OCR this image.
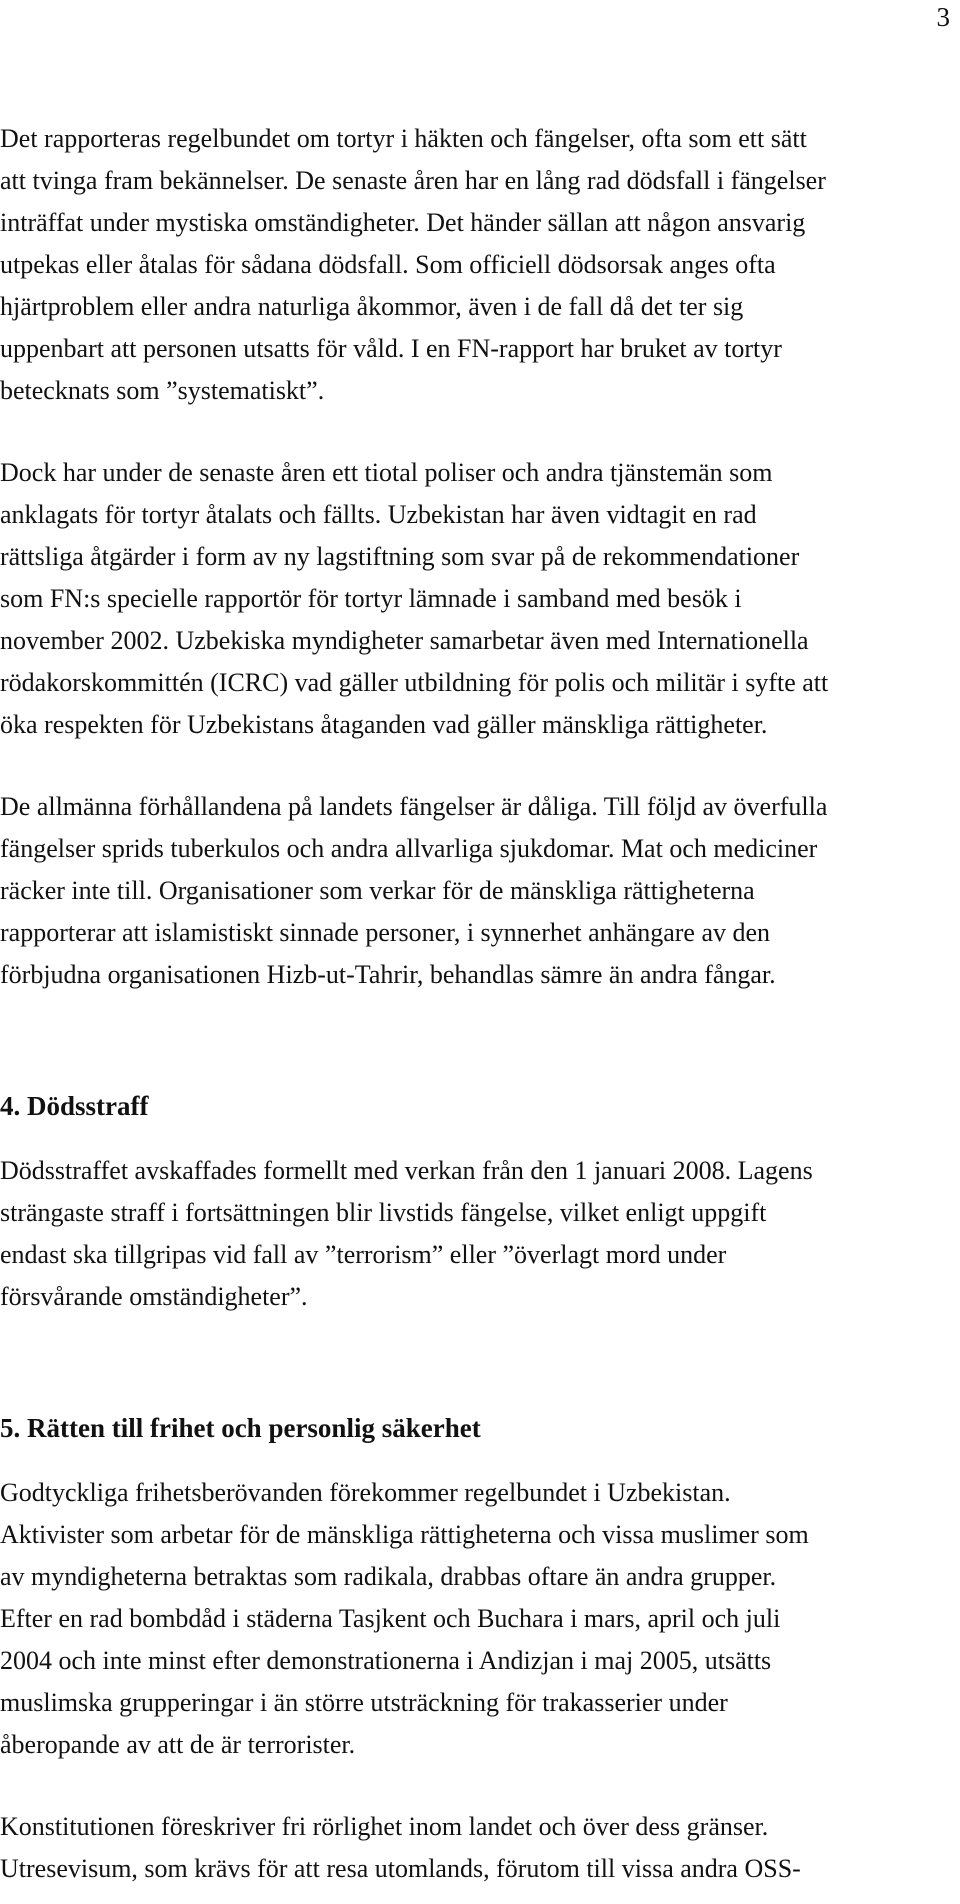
3

Det rapporteras regelbundet om tortyr i häkten och fängelser, ofta som ett sätt
att tvinga fram bekännelser. De senaste åren har en lång rad dödsfall i fängelser
inträffat under mystiska omständigheter. Det händer sällan att någon ansvarig
utpekas eller åtalas för sådana dödsfall. Som officiell dödsorsak anges ofta
hjärtproblem eller andra naturliga åkommor, även i de fall då det ter sig
uppenbart att personen utsatts för våld. I en FN-rapport har bruket av tortyr
betecknats som ”systematiskt”.

Dock har under de senaste åren ett tiotal poliser och andra tjänstemän som
anklagats för tortyr åtalats och fällts. Uzbekistan har även vidtagit en rad
rättsliga åtgärder i form av ny lagstiftning som svar på de rekommendationer
som FN:s specielle rapportör för tortyr lämnade i samband med besök i
november 2002. Uzbekiska myndigheter samarbetar även med Internationella
rödakorskommittén (ICRC) vad gäller utbildning för polis och militär i syfte att
öka respekten för Uzbekistans åtaganden vad gäller mänskliga rättigheter.

De allmänna förhållandena på landets fängelser är dåliga. Till följd av överfulla
fängelser sprids tuberkulos och andra allvarliga sjukdomar. Mat och mediciner
räcker inte till. Organisationer som verkar för de mänskliga rättigheterna
rapporterar att islamistiskt sinnade personer, i synnerhet anhängare av den
förbjudna organisationen Hizb-ut-Tahrir, behandlas sämre än andra fångar.

4. Dödsstraff

Dödsstraffet avskaffades formellt med verkan från den 1 januari 2008. Lagens
strängaste straff i fortsättningen blir livstids fängelse, vilket enligt uppgift
endast ska tillgripas vid fall av ”terrorism” eller ”överlagt mord under
försvårande omständigheter”.

5. Rätten till frihet och personlig säkerhet

Godtyckliga frihetsberövanden förekommer regelbundet i Uzbekistan.
Aktivister som arbetar för de mänskliga rättigheterna och vissa muslimer som
av myndigheterna betraktas som radikala, drabbas oftare än andra grupper.
Efter en rad bombdåd i städerna Tasjkent och Buchara i mars, april och juli
2004 och inte minst efter demonstrationerna i Andizjan i maj 2005, utsätts
muslimska grupperingar i än större utsträckning för trakasserier under
åberopande av att de är terrorister.

Konstitutionen föreskriver fri rörlighet inom landet och över dess gränser.
Utresevisum, som krävs för att resa utomlands, förutom till vissa andra OSS-
